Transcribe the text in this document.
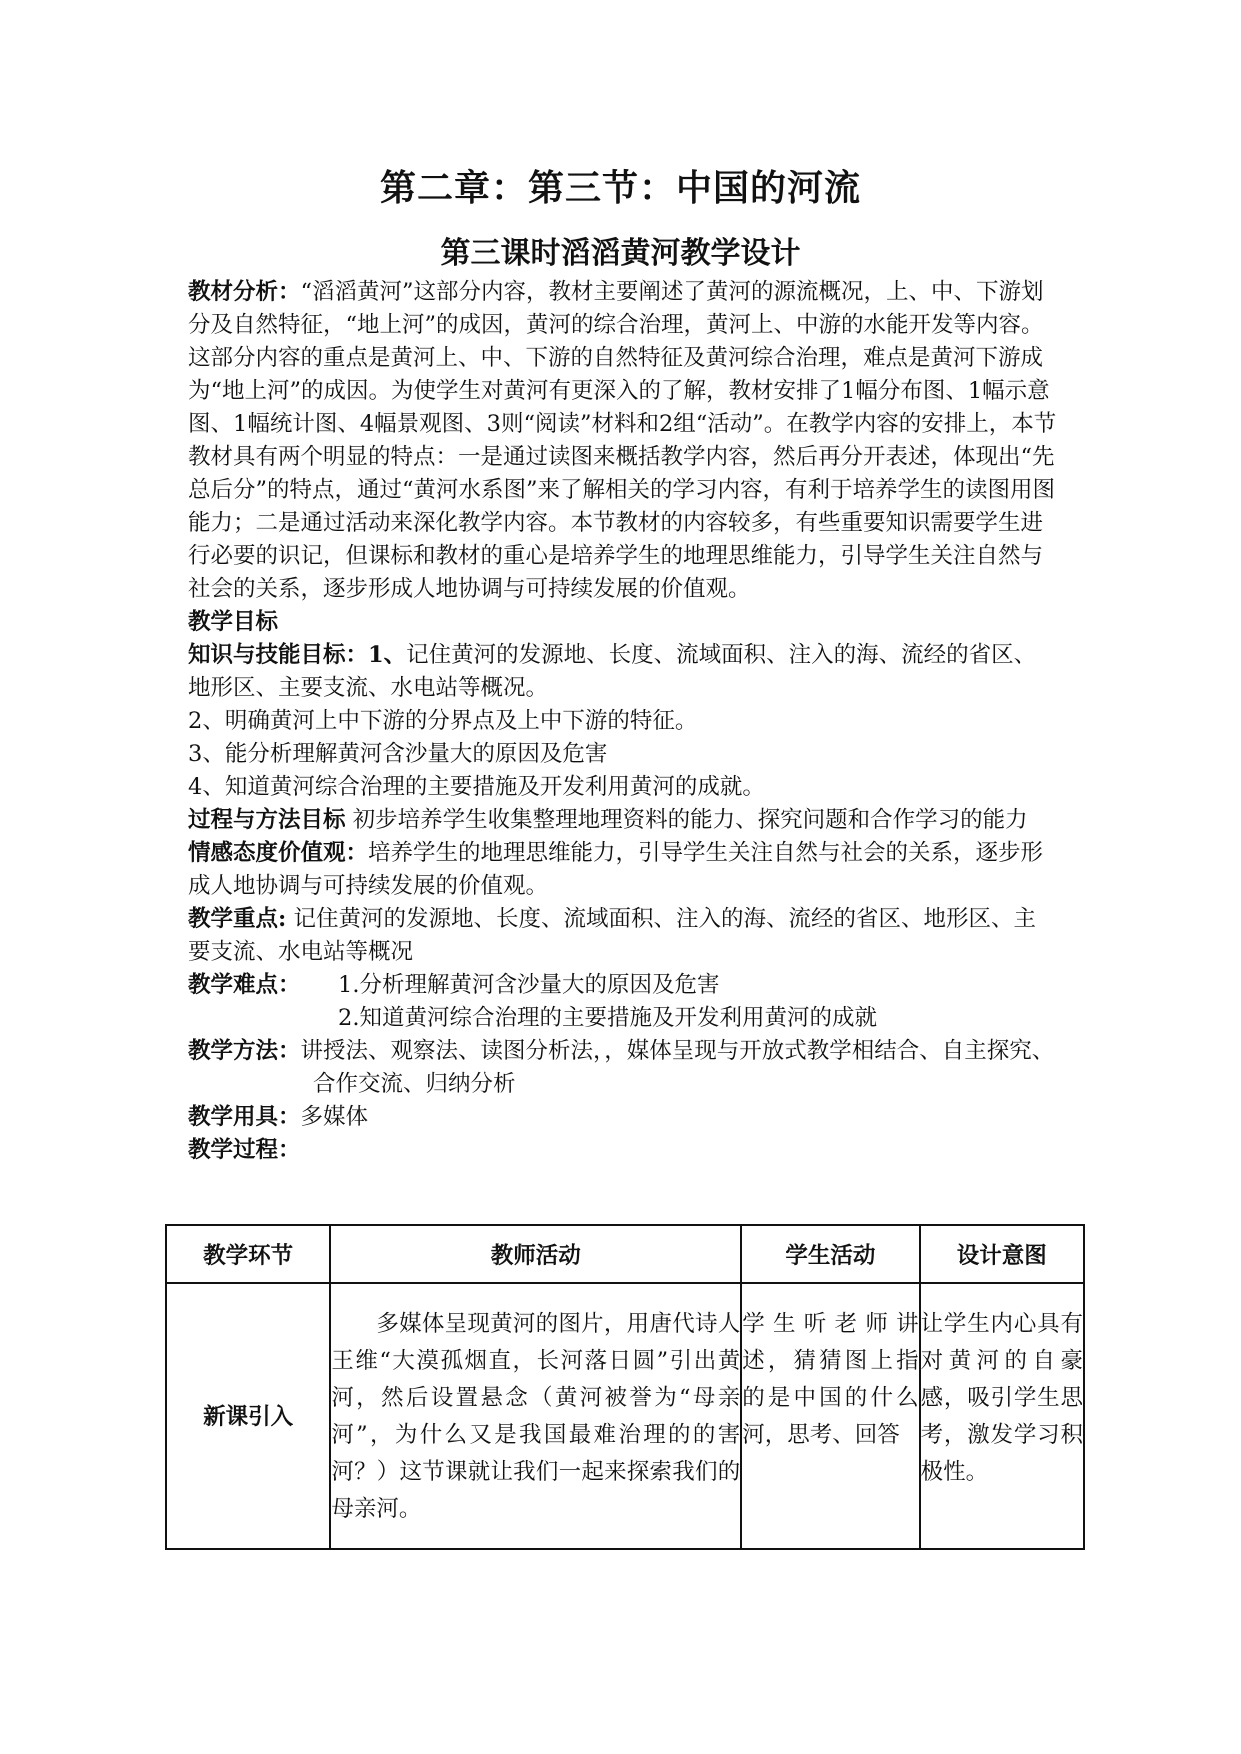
第二章：第三节：中国的河流
第三课时滔滔黄河教学设计

教材分析：“滔滔黄河”这部分内容，教材主要阐述了黄河的源流概况，上、中、下游划分及自然特征，“地上河”的成因，黄河的综合治理，黄河上、中游的水能开发等内容。这部分内容的重点是黄河上、中、下游的自然特征及黄河综合治理，难点是黄河下游成为“地上河”的成因。为使学生对黄河有更深入的了解，教材安排了1幅分布图、1幅示意图、1幅统计图、4幅景观图、3则“阅读”材料和2组“活动”。在教学内容的安排上，本节教材具有两个明显的特点：一是通过读图来概括教学内容，然后再分开表述，体现出“先总后分”的特点，通过“黄河水系图”来了解相关的学习内容，有利于培养学生的读图用图能力；二是通过活动来深化教学内容。本节教材的内容较多，有些重要知识需要学生进行必要的识记，但课标和教材的重心是培养学生的地理思维能力，引导学生关注自然与社会的关系，逐步形成人地协调与可持续发展的价值观。

教学目标

知识与技能目标：1、记住黄河的发源地、长度、流域面积、注入的海、流经的省区、地形区、主要支流、水电站等概况。

2、明确黄河上中下游的分界点及上中下游的特征。

3、能分析理解黄河含沙量大的原因及危害

4、知道黄河综合治理的主要措施及开发利用黄河的成就。

过程与方法目标 初步培养学生收集整理地理资料的能力、探究问题和合作学习的能力

情感态度价值观：培养学生的地理思维能力，引导学生关注自然与社会的关系，逐步形成人地协调与可持续发展的价值观。

教学重点: 记住黄河的发源地、长度、流域面积、注入的海、流经的省区、地形区、主要支流、水电站等概况

教学难点：	1.分析理解黄河含沙量大的原因及危害

2.知道黄河综合治理的主要措施及开发利用黄河的成就

教学方法：讲授法、观察法、读图分析法，，媒体呈现与开放式教学相结合、自主探究、合作交流、归纳分析

教学用具：多媒体

教学过程：

教学环节	教师活动	学生活动	设计意图
新课引入	多媒体呈现黄河的图片，用唐代诗人王维“大漠孤烟直，长河落日圆”引出黄河，然后设置悬念（黄河被誉为“母亲河”，为什么又是我国最难治理的的害河？）这节课就让我们一起来探索我们的母亲河。	学生听老师讲述，猜猜图上指的是中国的什么河，思考、回答	让学生内心具有对黄河的自豪感，吸引学生思考，激发学习积极性。
